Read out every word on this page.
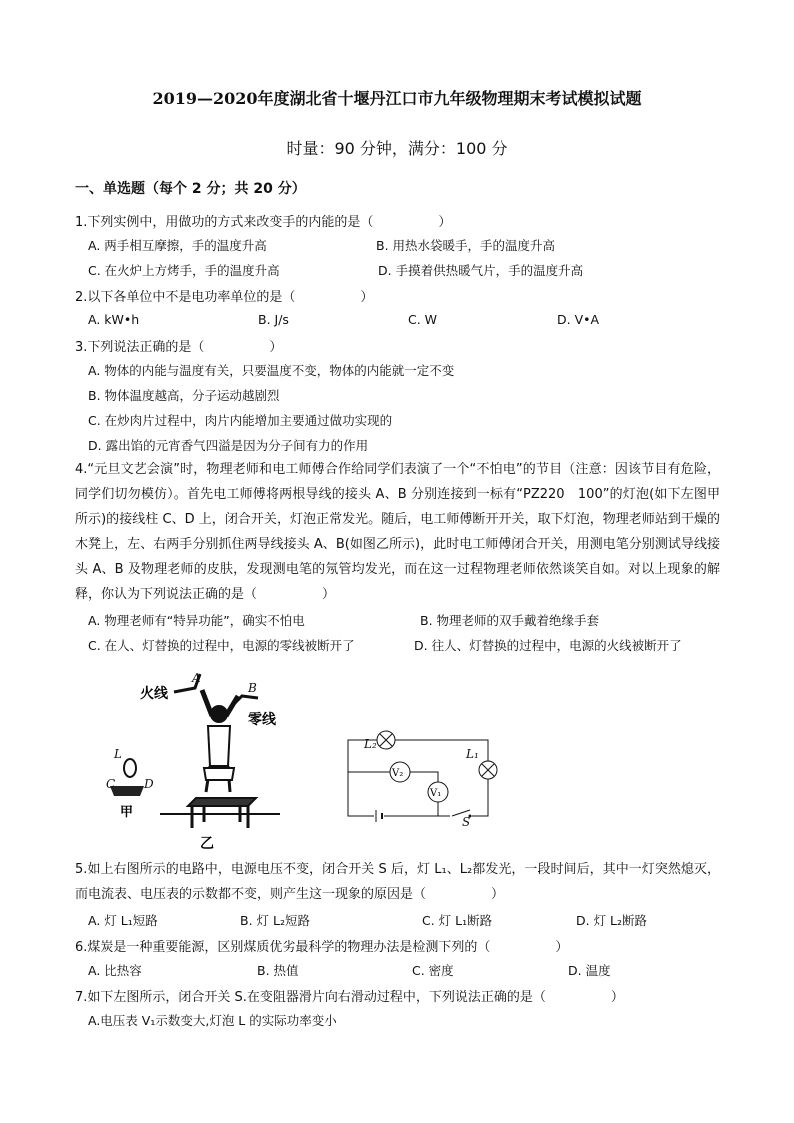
2019—2020年度湖北省十堰丹江口市九年级物理期末考试模拟试题
时量：90 分钟，满分：100 分
一、单选题（每个 2 分；共 20 分）
1.下列实例中，用做功的方式来改变手的内能的是（　　　　　）
A. 两手相互摩擦，手的温度升高	B. 用热水袋暖手，手的温度升高
C. 在火炉上方烤手，手的温度升高	D. 手摸着供热暖气片，手的温度升高
2.以下各单位中不是电功率单位的是（　　　　　）
A. kW•h	B. J/s	C. W	D. V•A
3.下列说法正确的是（　　　　　）
A. 物体的内能与温度有关，只要温度不变，物体的内能就一定不变
B. 物体温度越高，分子运动越剧烈
C. 在炒肉片过程中，肉片内能增加主要通过做功实现的
D. 露出馅的元宵香气四溢是因为分子间有力的作用
4.“元旦文艺会演”时，物理老师和电工师傅合作给同学们表演了一个“不怕电”的节目（注意：因该节目有危险，同学们切勿模仿）。首先电工师傅将两根导线的接头 A、B 分别连接到一标有“PZ220　100”的灯泡(如下左图甲所示)的接线柱 C、D 上，闭合开关，灯泡正常发光。随后，电工师傅断开开关，取下灯泡，物理老师站到干燥的木凳上，左、右两手分别抓住两导线接头 A、B(如图乙所示)，此时电工师傅闭合开关，用测电笔分别测试导线接头 A、B 及物理老师的皮肤，发现测电笔的氖管均发光，而在这一过程物理老师依然谈笑自如。对以上现象的解释，你认为下列说法正确的是（　　　　　）
A. 物理老师有“特异功能”，确实不怕电	B. 物理老师的双手戴着绝缘手套
C. 在人、灯替换的过程中，电源的零线被断开了	D. 往人、灯替换的过程中，电源的火线被断开了
火线
零线
A
B
乙
L
C D
甲
L₂
L₁
V₂
V₁
S
5.如上右图所示的电路中，电源电压不变，闭合开关 S 后，灯 L₁、L₂都发光，一段时间后，其中一灯突然熄灭，而电流表、电压表的示数都不变，则产生这一现象的原因是（　　　　　）
A. 灯 L₁短路	B. 灯 L₂短路	C. 灯 L₁断路	D. 灯 L₂断路
6.煤炭是一种重要能源，区别煤质优劣最科学的物理办法是检测下列的（　　　　　）
A. 比热容	B. 热值	C. 密度	D. 温度
7.如下左图所示，闭合开关 S.在变阻器滑片向右滑动过程中，下列说法正确的是（　　　　　）
A.电压表 V₁示数变大,灯泡 L 的实际功率变小
